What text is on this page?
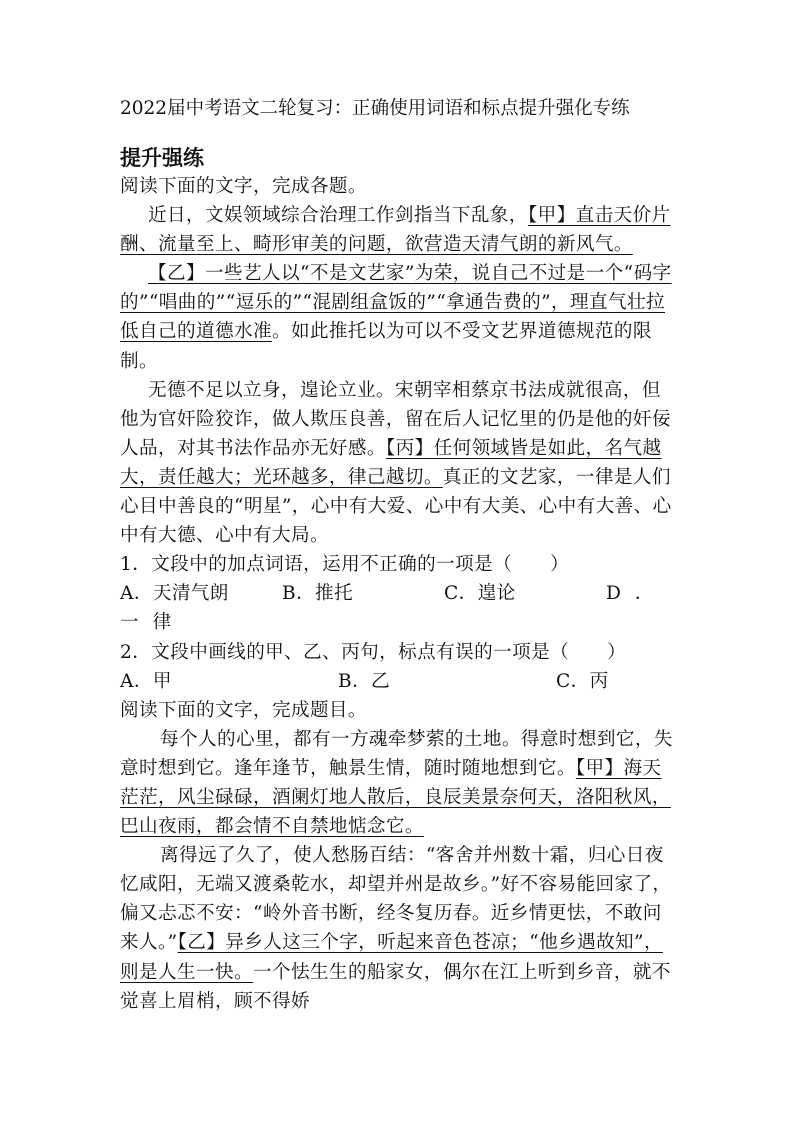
2022届中考语文二轮复习：正确使用词语和标点提升强化专练
提升强练

阅读下面的文字，完成各题。

近日，文娱领域综合治理工作剑指当下乱象，【甲】直击天价片酬、流量至上、畸形审美的问题，欲营造天清气朗的新风气。

【乙】一些艺人以“不是文艺家”为荣，说自己不过是一个“码字的”“唱曲的”“逗乐的”“混剧组盒饭的”“拿通告费的”，理直气壮拉低自己的道德水准。如此推托以为可以不受文艺界道德规范的限制。

无德不足以立身，遑论立业。宋朝宰相蔡京书法成就很高，但他为官奸险狡诈，做人欺压良善，留在后人记忆里的仍是他的奸佞人品，对其书法作品亦无好感。【丙】任何领域皆是如此，名气越大，责任越大；光环越多，律己越切。真正的文艺家，一律是人们心目中善良的“明星”，心中有大爱、心中有大美、心中有大善、心中有大德、心中有大局。

1．文段中的加点词语，运用不正确的一项是（　　）

A．天清气朗	B．推托	C．遑论	D．一律

2．文段中画线的甲、乙、丙句，标点有误的一项是（　　）

A．甲	B．乙	C．丙

阅读下面的文字，完成题目。

每个人的心里，都有一方魂牵梦萦的土地。得意时想到它，失意时想到它。逢年逢节，触景生情，随时随地想到它。【甲】海天茫茫，风尘碌碌，酒阑灯地人散后，良辰美景奈何天，洛阳秋风，巴山夜雨，都会情不自禁地惦念它。

离得远了久了，使人愁肠百结：“客舍并州数十霜，归心日夜忆咸阳，无端又渡桑乾水，却望并州是故乡。”好不容易能回家了，偏又忐忑不安：“岭外音书断，经冬复历春。近乡情更怯，不敢问来人。”【乙】异乡人这三个字，听起来音色苍凉；“他乡遇故知”，则是人生一快。一个怯生生的船家女，偶尔在江上听到乡音，就不觉喜上眉梢，顾不得娇
